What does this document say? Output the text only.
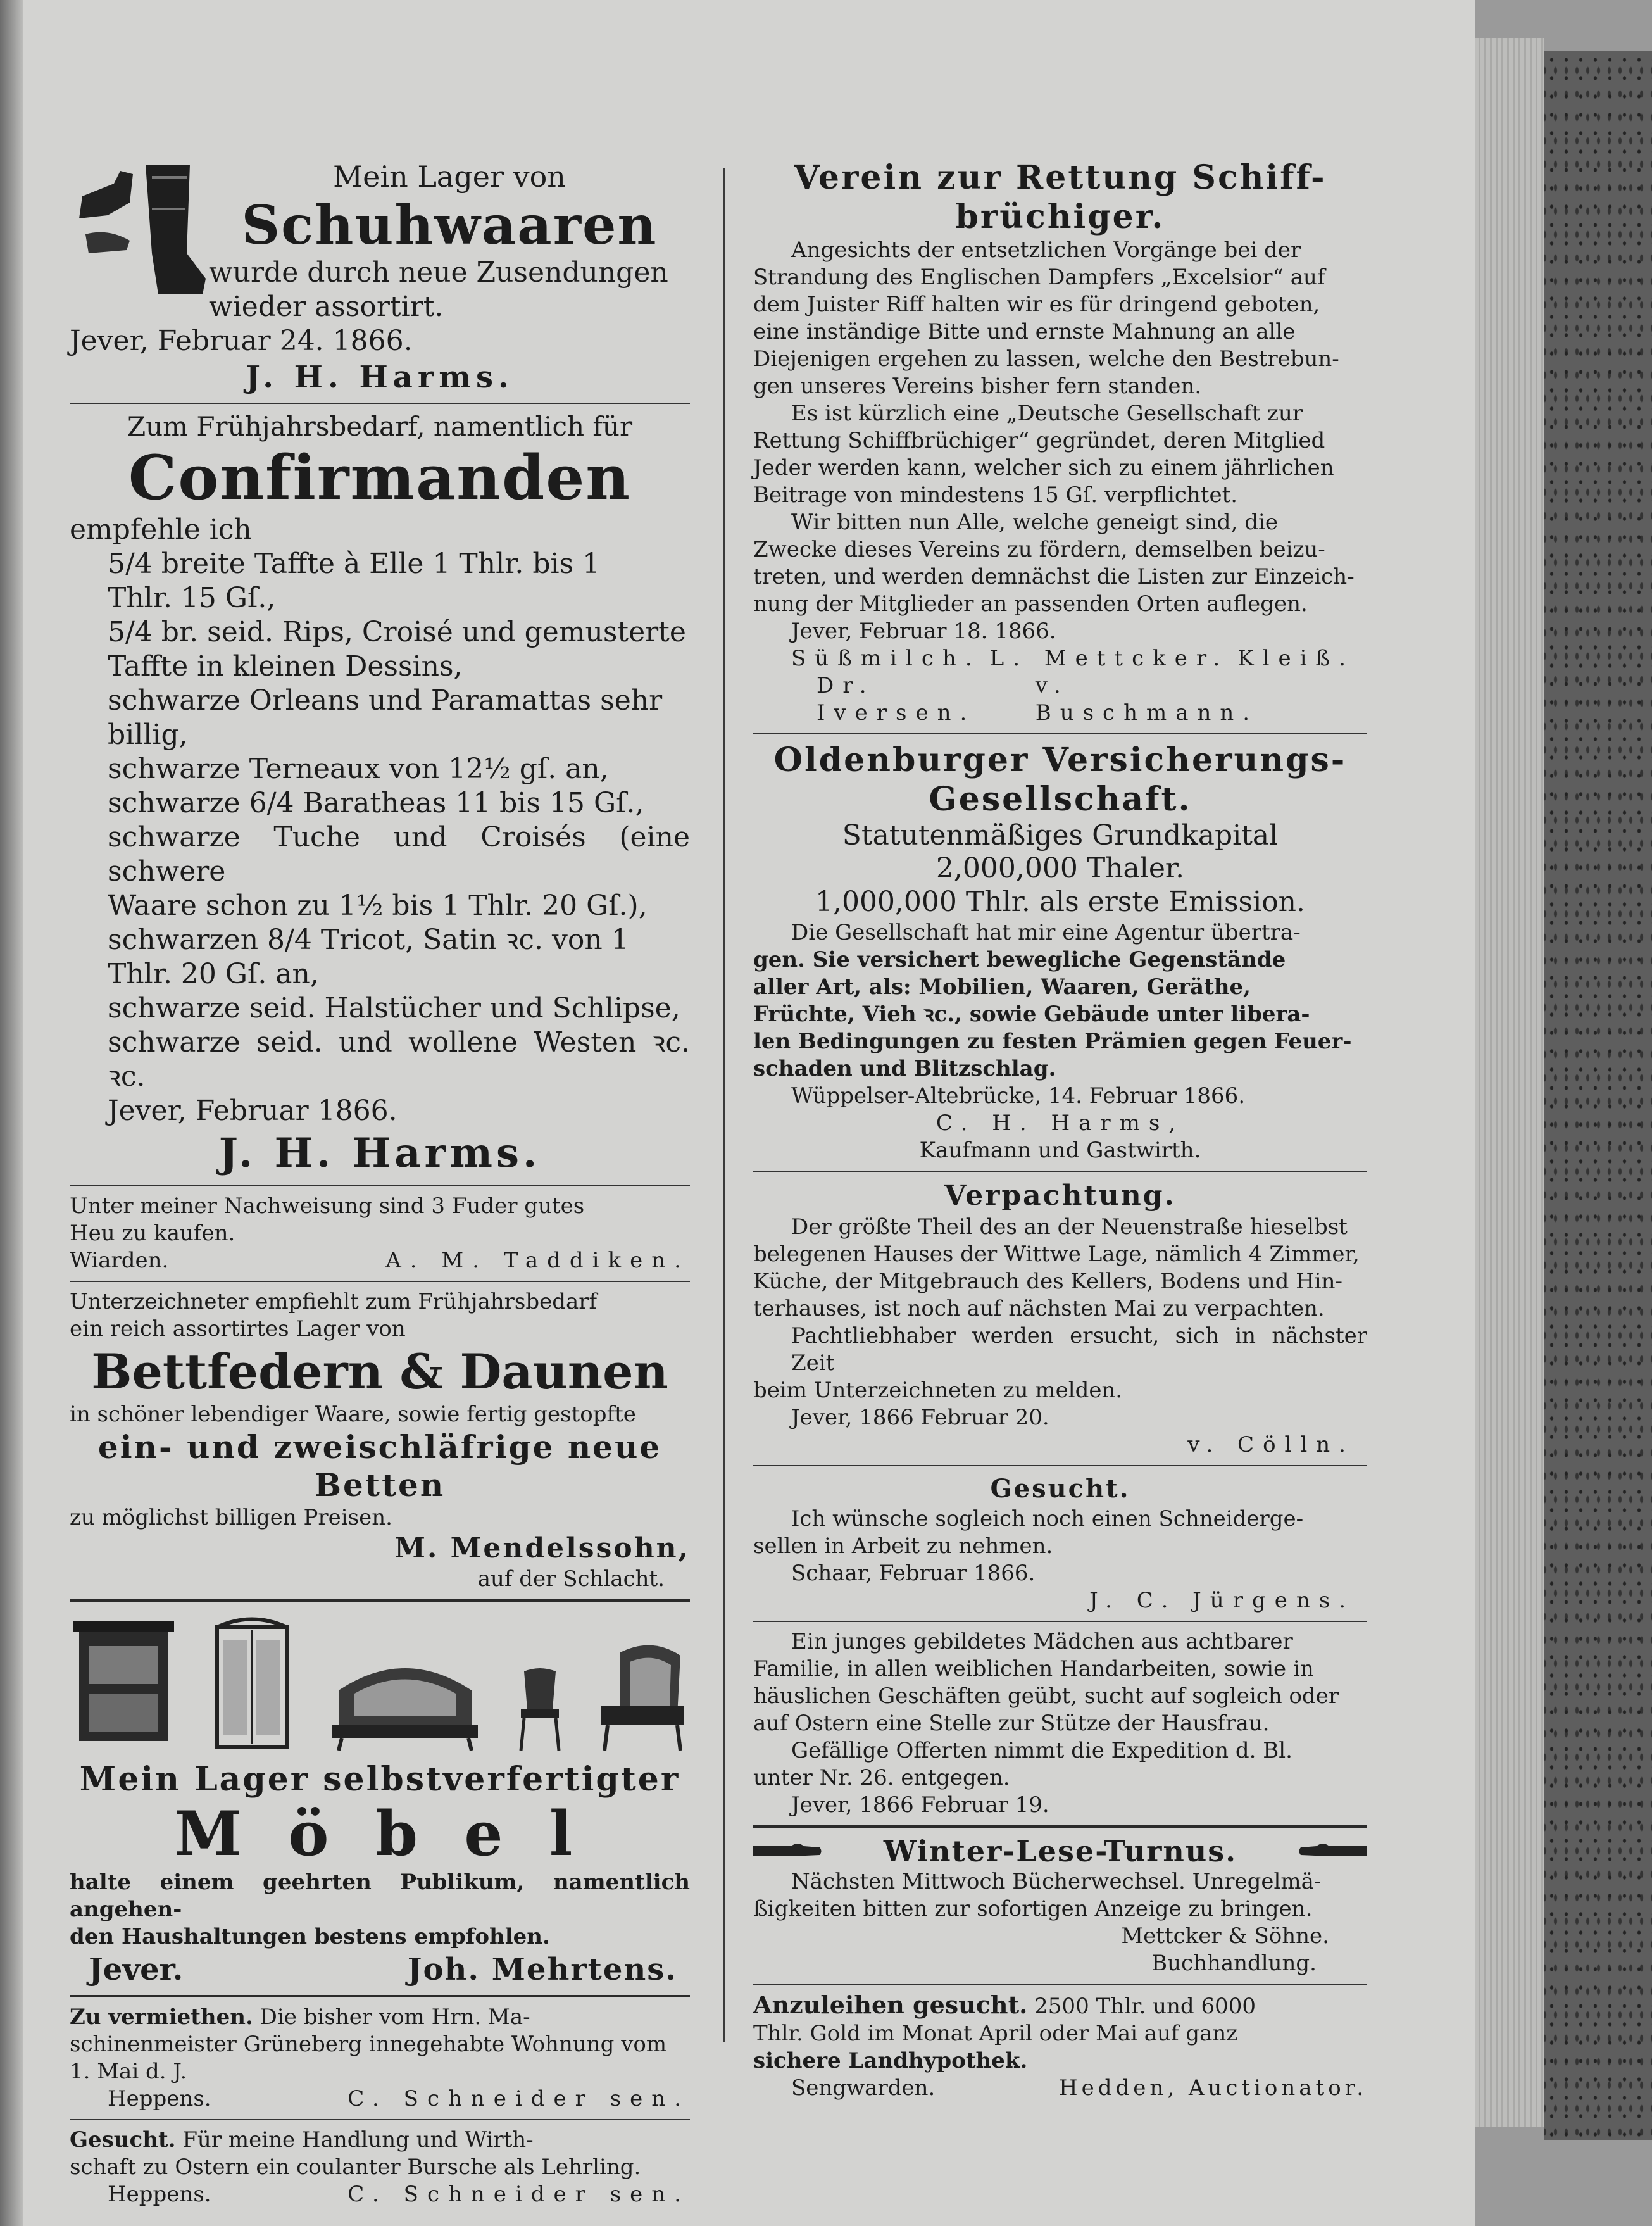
Mein Lager von

Schuhwaaren

wurde durch neue Zusendungen

wieder assortirt.

Jever, Februar 24. 1866.

J. H. Harms.

Zum Frühjahrsbedarf, namentlich für

Confirmanden

empfehle ich

5/4 breite Taffte à Elle 1 Thlr. bis 1

Thlr. 15 Gſ.,

5/4 br. seid. Rips, Croisé und gemusterte

Taffte in kleinen Dessins,

schwarze Orleans und Paramattas sehr

billig,

schwarze Terneaux von 12½ gſ. an,

schwarze 6/4 Baratheas 11 bis 15 Gſ.,

schwarze Tuche und Croisés (eine schwere

Waare schon zu 1½ bis 1 Thlr. 20 Gſ.),

schwarzen 8/4 Tricot, Satin ꝛc. von 1

Thlr. 20 Gſ. an,

schwarze seid. Halstücher und Schlipse,

schwarze seid. und wollene Westen ꝛc. ꝛc.

Jever, Februar 1866.

J. H. Harms.

Unter meiner Nachweisung sind 3 Fuder gutes

Heu zu kaufen.

Wiarden.	A. M. Taddiken.

Unterzeichneter empfiehlt zum Frühjahrsbedarf

ein reich assortirtes Lager von

Bettfedern & Daunen

in schöner lebendiger Waare, sowie fertig gestopfte

ein- und zweischläfrige neue Betten

zu möglichst billigen Preisen.

M. Mendelssohn,

auf der Schlacht.

Mein Lager selbstverfertigter

M ö b e l

halte einem geehrten Publikum, namentlich angehen-

den Haushaltungen bestens empfohlen.

Jever.	Joh. Mehrtens.

Zu vermiethen. Die bisher vom Hrn. Ma-

schinenmeister Grüneberg innegehabte Wohnung vom

1. Mai d. J.

Heppens.	C. Schneider sen.

Gesucht. Für meine Handlung und Wirth-

schaft zu Ostern ein coulanter Bursche als Lehrling.

Heppens.	C. Schneider sen.

Verein zur Rettung Schiff-

brüchiger.

Angesichts der entsetzlichen Vorgänge bei der

Strandung des Englischen Dampfers „Excelsior“ auf

dem Juister Riff halten wir es für dringend geboten,

eine inständige Bitte und ernste Mahnung an alle

Diejenigen ergehen zu lassen, welche den Bestrebun-

gen unseres Vereins bisher fern standen.

Es ist kürzlich eine „Deutsche Gesellschaft zur

Rettung Schiffbrüchiger“ gegründet, deren Mitglied

Jeder werden kann, welcher sich zu einem jährlichen

Beitrage von mindestens 15 Gſ. verpflichtet.

Wir bitten nun Alle, welche geneigt sind, die

Zwecke dieses Vereins zu fördern, demselben beizu-

treten, und werden demnächst die Listen zur Einzeich-

nung der Mitglieder an passenden Orten auflegen.

Jever, Februar 18. 1866.

Süßmilch. L. Mettcker. Kleiß.
Dr. Iversen.
v. Buschmann.

Oldenburger Versicherungs-

Gesellschaft.

Statutenmäßiges Grundkapital

2,000,000 Thaler.

1,000,000 Thlr. als erste Emission.

Die Gesellschaft hat mir eine Agentur übertra-

gen. Sie versichert bewegliche Gegenstände

aller Art, als: Mobilien, Waaren, Geräthe,

Früchte, Vieh ꝛc., sowie Gebäude unter libera-

len Bedingungen zu festen Prämien gegen Feuer-

schaden und Blitzschlag.

Wüppelser-Altebrücke, 14. Februar 1866.

C. H. Harms,

Kaufmann und Gastwirth.

Verpachtung.

Der größte Theil des an der Neuenstraße hieselbst

belegenen Hauses der Wittwe Lage, nämlich 4 Zimmer,

Küche, der Mitgebrauch des Kellers, Bodens und Hin-

terhauses, ist noch auf nächsten Mai zu verpachten.

Pachtliebhaber werden ersucht, sich in nächster Zeit

beim Unterzeichneten zu melden.

Jever, 1866 Februar 20.

v. Cölln.

Gesucht.

Ich wünsche sogleich noch einen Schneiderge-

sellen in Arbeit zu nehmen.

Schaar, Februar 1866.

J. C. Jürgens.

Ein junges gebildetes Mädchen aus achtbarer

Familie, in allen weiblichen Handarbeiten, sowie in

häuslichen Geschäften geübt, sucht auf sogleich oder

auf Ostern eine Stelle zur Stütze der Hausfrau.

Gefällige Offerten nimmt die Expedition d. Bl.

unter Nr. 26. entgegen.

Jever, 1866 Februar 19.

Winter-Lese-Turnus.

Nächsten Mittwoch Bücherwechsel. Unregelmä-

ßigkeiten bitten zur sofortigen Anzeige zu bringen.

Mettcker & Söhne.

Buchhandlung.

Anzuleihen gesucht. 2500 Thlr. und 6000

Thlr. Gold im Monat April oder Mai auf ganz

sichere Landhypothek.

Sengwarden.	Hedden, Auctionator.
